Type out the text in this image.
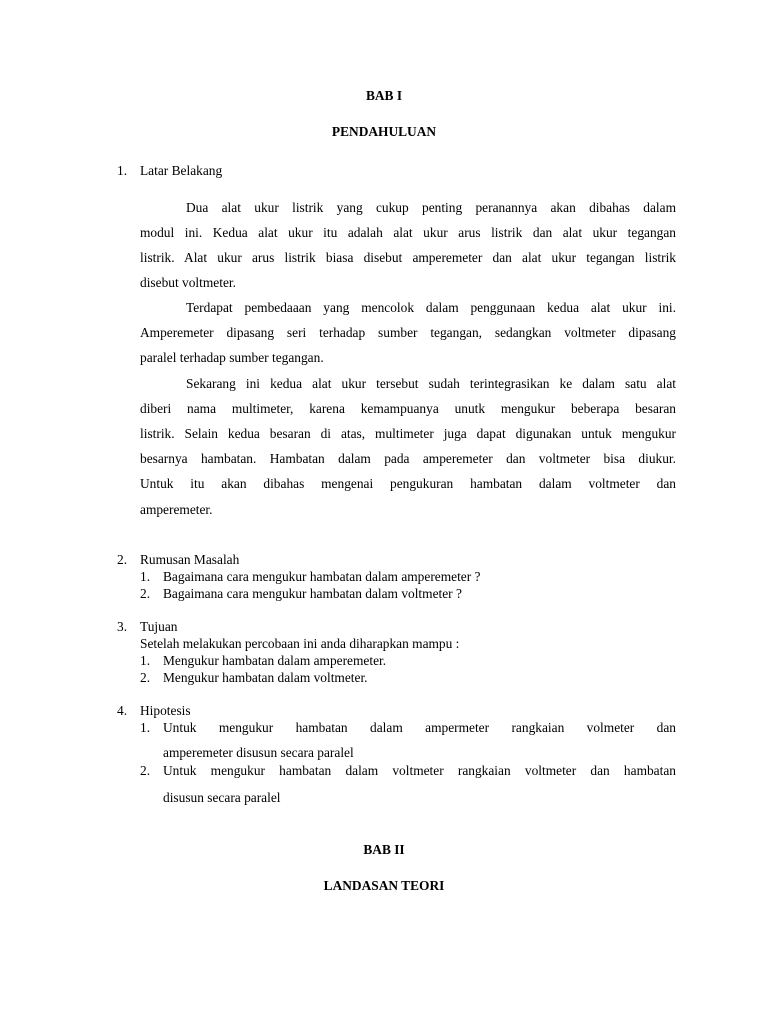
BAB I
PENDAHULUAN
1. Latar Belakang
Dua alat ukur listrik yang cukup penting peranannya akan dibahas dalam
modul ini. Kedua alat ukur itu adalah alat ukur arus listrik dan alat ukur tegangan
listrik. Alat ukur arus listrik biasa disebut amperemeter dan alat ukur tegangan listrik
disebut voltmeter.
Terdapat pembedaaan yang mencolok dalam penggunaan kedua alat ukur ini.
Amperemeter dipasang seri terhadap sumber tegangan, sedangkan voltmeter dipasang
paralel terhadap sumber tegangan.
Sekarang ini kedua alat ukur tersebut sudah terintegrasikan ke dalam satu alat
diberi nama multimeter, karena kemampuanya unutk mengukur beberapa besaran
listrik. Selain kedua besaran di atas, multimeter juga dapat digunakan untuk mengukur
besarnya hambatan. Hambatan dalam pada amperemeter dan voltmeter bisa diukur.
Untuk itu akan dibahas mengenai pengukuran hambatan dalam voltmeter dan
amperemeter.
2. Rumusan Masalah
1. Bagaimana cara mengukur hambatan dalam amperemeter ?
2. Bagaimana cara mengukur hambatan dalam voltmeter ?
3. Tujuan
Setelah melakukan percobaan ini anda diharapkan mampu :
1. Mengukur hambatan dalam amperemeter.
2. Mengukur hambatan dalam voltmeter.
4. Hipotesis
1. Untuk mengukur hambatan dalam ampermeter rangkaian volmeter dan
amperemeter disusun secara paralel
2. Untuk mengukur hambatan dalam voltmeter rangkaian voltmeter dan hambatan
disusun secara paralel
BAB II
LANDASAN TEORI
